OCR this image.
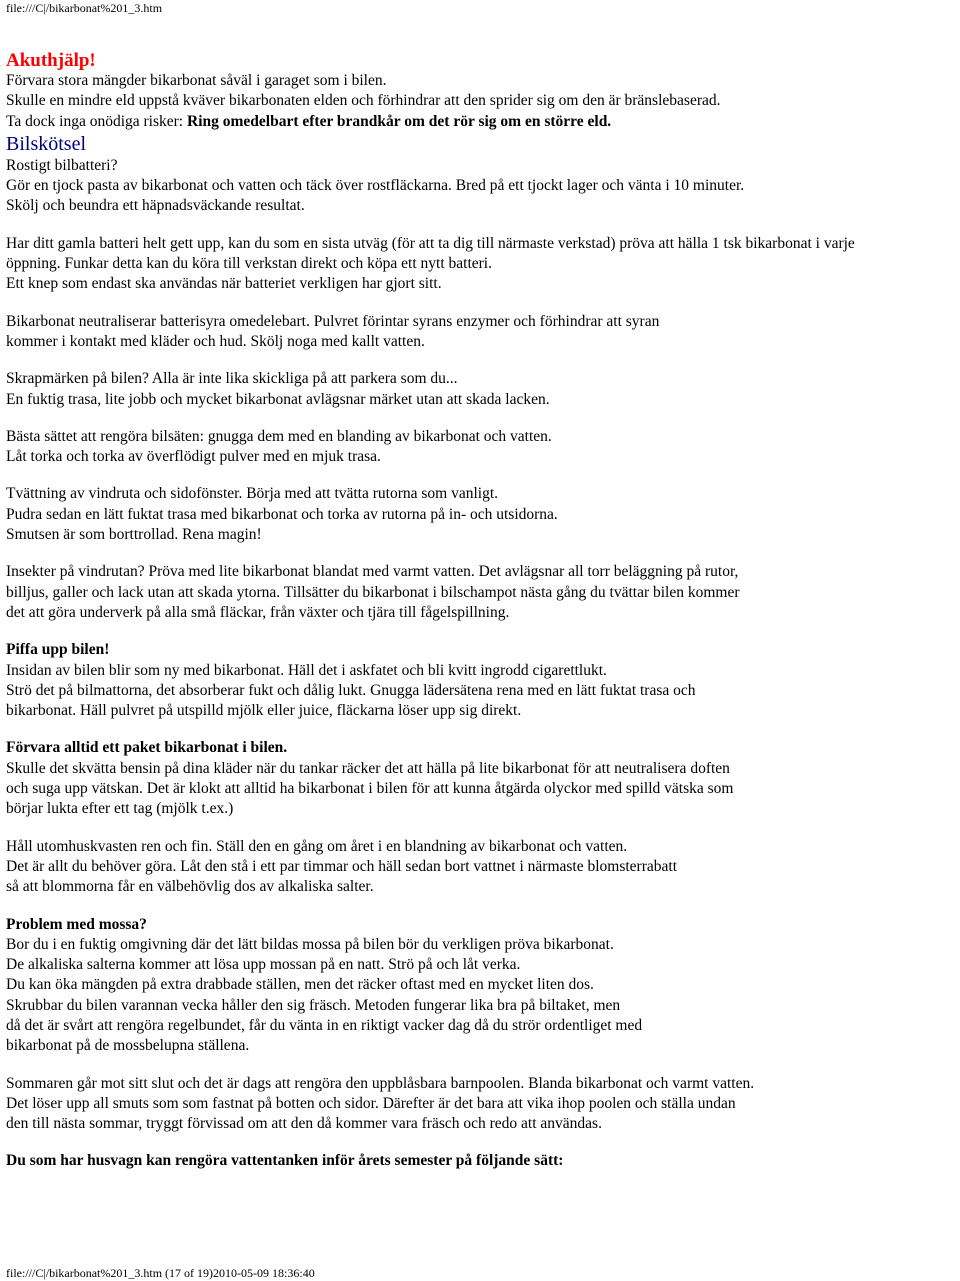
file:///C|/bikarbonat%201_3.htm

Akuthjälp!

Förvara stora mängder bikarbonat såväl i garaget som i bilen.

Skulle en mindre eld uppstå kväver bikarbonaten elden och förhindrar att den sprider sig om den är bränslebaserad.

Ta dock inga onödiga risker: Ring omedelbart efter brandkår om det rör sig om en större eld.

Bilskötsel

Rostigt bilbatteri?

Gör en tjock pasta av bikarbonat och vatten och täck över rostfläckarna. Bred på ett tjockt lager och vänta i 10 minuter.

Skölj och beundra ett häpnadsväckande resultat.

Har ditt gamla batteri helt gett upp, kan du som en sista utväg (för att ta dig till närmaste verkstad) pröva att hälla 1 tsk bikarbonat i varje

öppning. Funkar detta kan du köra till verkstan direkt och köpa ett nytt batteri.

Ett knep som endast ska användas när batteriet verkligen har gjort sitt.

Bikarbonat neutraliserar batterisyra omedelebart. Pulvret förintar syrans enzymer och förhindrar att syran

kommer i kontakt med kläder och hud. Skölj noga med kallt vatten.

Skrapmärken på bilen? Alla är inte lika skickliga på att parkera som du...

En fuktig trasa, lite jobb och mycket bikarbonat avlägsnar märket utan att skada lacken.

Bästa sättet att rengöra bilsäten: gnugga dem med en blanding av bikarbonat och vatten.

Låt torka och torka av överflödigt pulver med en mjuk trasa.

Tvättning av vindruta och sidofönster. Börja med att tvätta rutorna som vanligt.

Pudra sedan en lätt fuktat trasa med bikarbonat och torka av rutorna på in- och utsidorna.

Smutsen är som borttrollad. Rena magin!

Insekter på vindrutan? Pröva med lite bikarbonat blandat med varmt vatten. Det avlägsnar all torr beläggning på rutor,

billjus, galler och lack utan att skada ytorna. Tillsätter du bikarbonat i bilschampot nästa gång du tvättar bilen kommer

det att göra underverk på alla små fläckar, från växter och tjära till fågelspillning.

Piffa upp bilen!

Insidan av bilen blir som ny med bikarbonat. Häll det i askfatet och bli kvitt ingrodd cigarettlukt.

Strö det på bilmattorna, det absorberar fukt och dålig lukt. Gnugga lädersätena rena med en lätt fuktat trasa och

bikarbonat. Häll pulvret på utspilld mjölk eller juice, fläckarna löser upp sig direkt.

Förvara alltid ett paket bikarbonat i bilen.

Skulle det skvätta bensin på dina kläder när du tankar räcker det att hälla på lite bikarbonat för att neutralisera doften

och suga upp vätskan. Det är klokt att alltid ha bikarbonat i bilen för att kunna åtgärda olyckor med spilld vätska som

börjar lukta efter ett tag (mjölk t.ex.)

Håll utomhuskvasten ren och fin. Ställ den en gång om året i en blandning av bikarbonat och vatten.

Det är allt du behöver göra. Låt den stå i ett par timmar och häll sedan bort vattnet i närmaste blomsterrabatt

så att blommorna får en välbehövlig dos av alkaliska salter.

Problem med mossa?

Bor du i en fuktig omgivning där det lätt bildas mossa på bilen bör du verkligen pröva bikarbonat.

De alkaliska salterna kommer att lösa upp mossan på en natt. Strö på och låt verka.

Du kan öka mängden på extra drabbade ställen, men det räcker oftast med en mycket liten dos.

Skrubbar du bilen varannan vecka håller den sig fräsch. Metoden fungerar lika bra på biltaket, men

då det är svårt att rengöra regelbundet, får du vänta in en riktigt vacker dag då du strör ordentliget med

bikarbonat på de mossbelupna ställena.

Sommaren går mot sitt slut och det är dags att rengöra den uppblåsbara barnpoolen. Blanda bikarbonat och varmt vatten.

Det löser upp all smuts som som fastnat på botten och sidor. Därefter är det bara att vika ihop poolen och ställa undan

den till nästa sommar, tryggt förvissad om att den då kommer vara fräsch och redo att användas.

Du som har husvagn kan rengöra vattentanken inför årets semester på följande sätt:

file:///C|/bikarbonat%201_3.htm (17 of 19)2010-05-09 18:36:40
